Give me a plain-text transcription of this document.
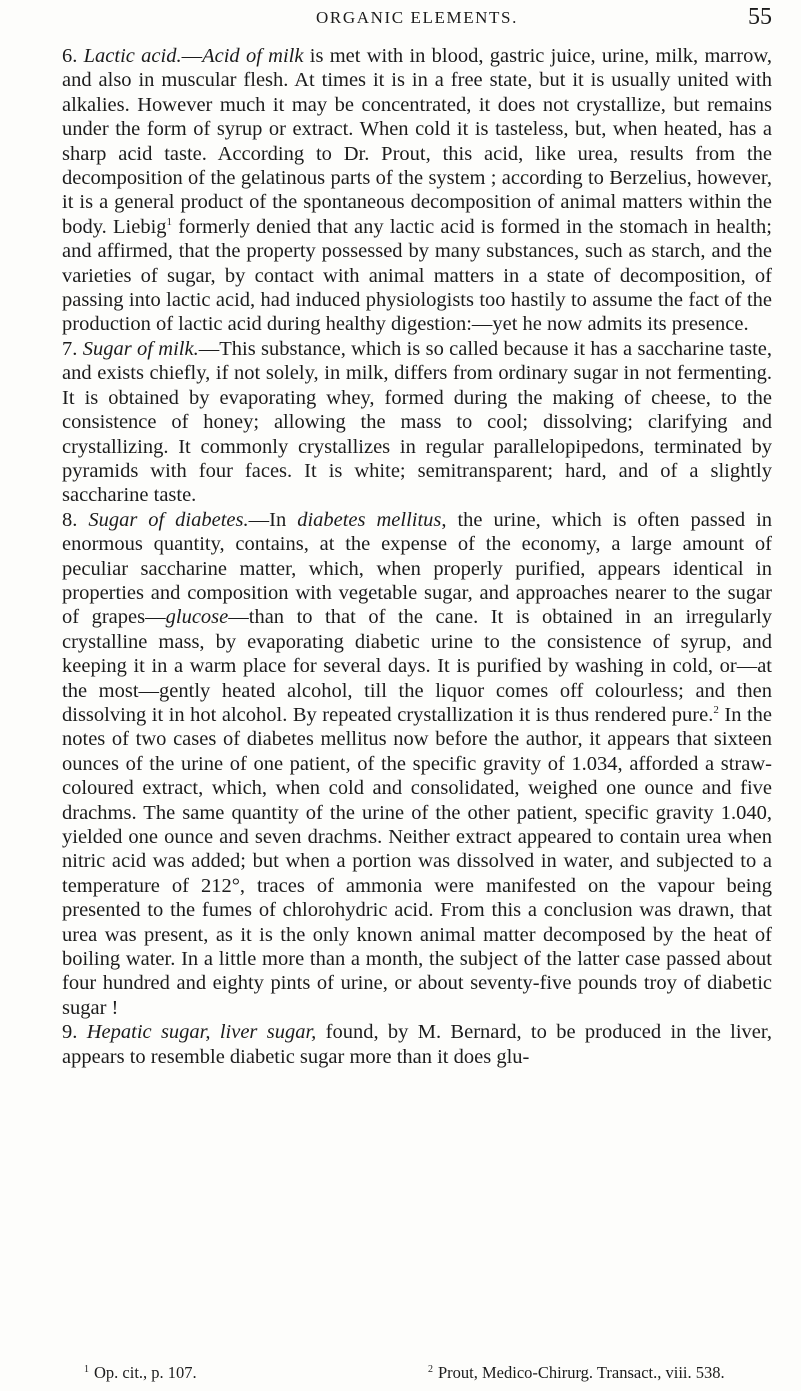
ORGANIC ELEMENTS.	55

6. Lactic acid.—Acid of milk is met with in blood, gastric juice, urine, milk, marrow, and also in muscular flesh. At times it is in a free state, but it is usually united with alkalies. However much it may be concentrated, it does not crystallize, but remains under the form of syrup or extract. When cold it is tasteless, but, when heated, has a sharp acid taste. According to Dr. Prout, this acid, like urea, results from the decomposition of the gelatinous parts of the system ; according to Berzelius, however, it is a general product of the spontaneous decomposition of animal matters within the body. Liebig$^1$ formerly denied that any lactic acid is formed in the stomach in health; and affirmed, that the property possessed by many substances, such as starch, and the varieties of sugar, by contact with animal matters in a state of decomposition, of passing into lactic acid, had induced physiologists too hastily to assume the fact of the production of lactic acid during healthy digestion:—yet he now admits its presence.

7. Sugar of milk.—This substance, which is so called because it has a saccharine taste, and exists chiefly, if not solely, in milk, differs from ordinary sugar in not fermenting. It is obtained by evaporating whey, formed during the making of cheese, to the consistence of honey; allowing the mass to cool; dissolving; clarifying and crystallizing. It commonly crystallizes in regular parallelopipedons, terminated by pyramids with four faces. It is white; semitransparent; hard, and of a slightly saccharine taste.

8. Sugar of diabetes.—In diabetes mellitus, the urine, which is often passed in enormous quantity, contains, at the expense of the economy, a large amount of peculiar saccharine matter, which, when properly purified, appears identical in properties and composition with vegetable sugar, and approaches nearer to the sugar of grapes—glucose—than to that of the cane. It is obtained in an irregularly crystalline mass, by evaporating diabetic urine to the consistence of syrup, and keeping it in a warm place for several days. It is purified by washing in cold, or—at the most—gently heated alcohol, till the liquor comes off colourless; and then dissolving it in hot alcohol. By repeated crystallization it is thus rendered pure.$^2$ In the notes of two cases of diabetes mellitus now before the author, it appears that sixteen ounces of the urine of one patient, of the specific gravity of 1.034, afforded a straw-coloured extract, which, when cold and consolidated, weighed one ounce and five drachms. The same quantity of the urine of the other patient, specific gravity 1.040, yielded one ounce and seven drachms. Neither extract appeared to contain urea when nitric acid was added; but when a portion was dissolved in water, and subjected to a temperature of 212°, traces of ammonia were manifested on the vapour being presented to the fumes of chlorohydric acid. From this a conclusion was drawn, that urea was present, as it is the only known animal matter decomposed by the heat of boiling water. In a little more than a month, the subject of the latter case passed about four hundred and eighty pints of urine, or about seventy-five pounds troy of diabetic sugar !

9. Hepatic sugar, liver sugar, found, by M. Bernard, to be produced in the liver, appears to resemble diabetic sugar more than it does glu-

$^1$ Op. cit., p. 107.	$^2$ Prout, Medico-Chirurg. Transact., viii. 538.
